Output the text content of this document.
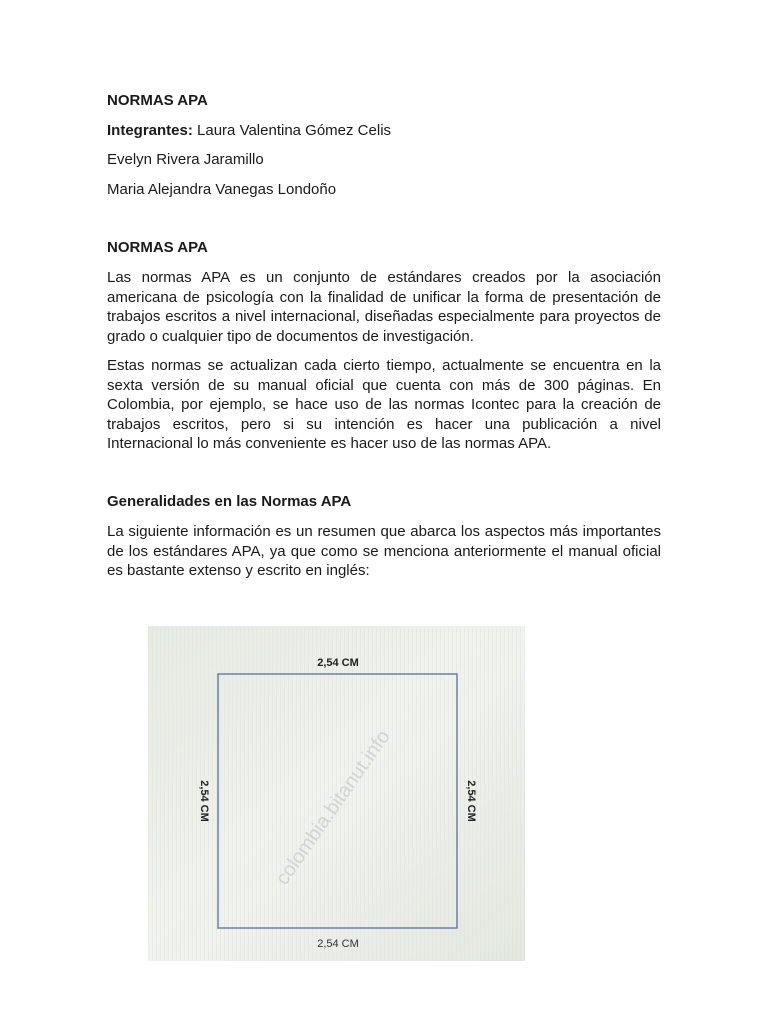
NORMAS APA
Integrantes: Laura Valentina Gómez Celis
Evelyn Rivera Jaramillo
Maria Alejandra Vanegas Londoño
NORMAS APA
Las normas APA es un conjunto de estándares creados por la asociación americana de psicología con la finalidad de unificar la forma de presentación de trabajos escritos a nivel internacional, diseñadas especialmente para proyectos de grado o cualquier tipo de documentos de investigación.
Estas normas se actualizan cada cierto tiempo, actualmente se encuentra en la sexta versión de su manual oficial que cuenta con más de 300 páginas. En Colombia, por ejemplo, se hace uso de las normas Icontec para la creación de trabajos escritos, pero si su intención es hacer una publicación a nivel Internacional lo más conveniente es hacer uso de las normas APA.
Generalidades en las Normas APA
La siguiente información es un resumen que abarca los aspectos más importantes de los estándares APA, ya que como se menciona anteriormente el manual oficial es bastante extenso y escrito en inglés:
2,54 CM
2,54 CM
2,54 CM	2,54 CM
colombia.bitanut.info
